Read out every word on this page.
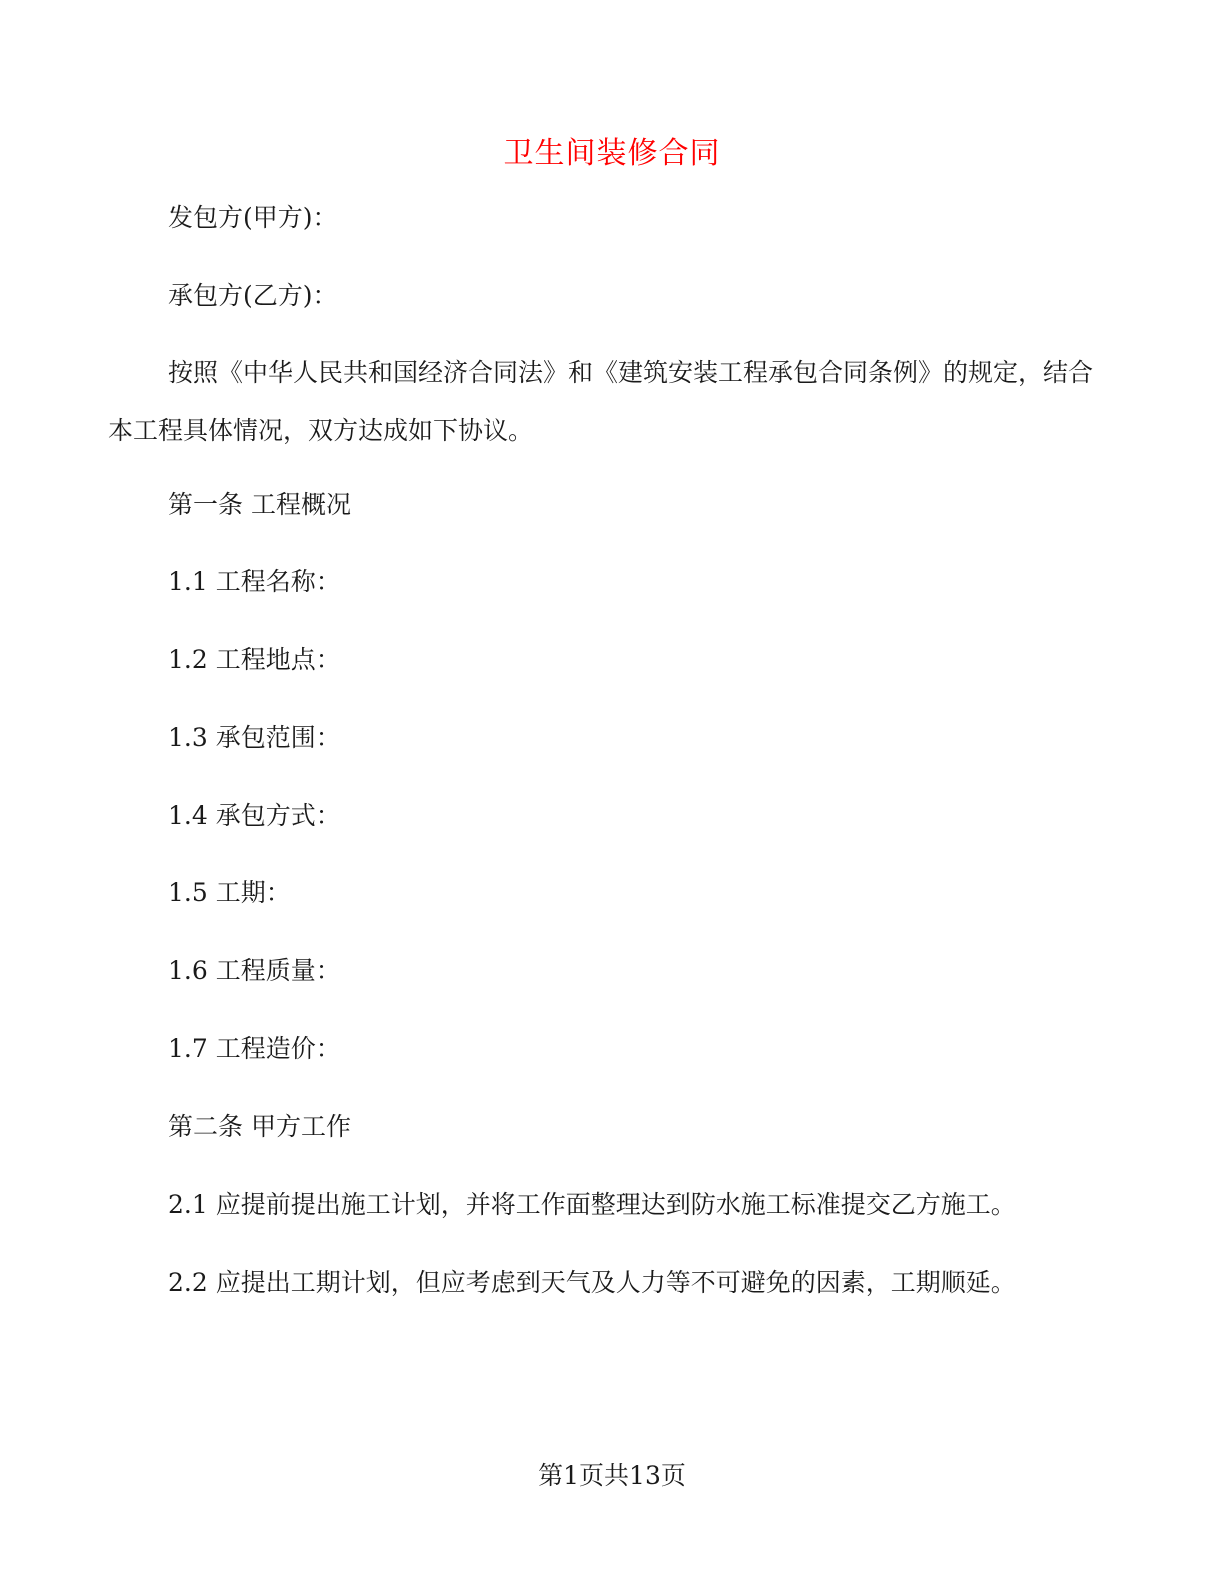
卫生间装修合同
发包方(甲方)：
承包方(乙方)：
按照《中华人民共和国经济合同法》和《建筑安装工程承包合同条例》的规定，结合本工程具体情况，双方达成如下协议。
第一条 工程概况
1.1 工程名称：
1.2 工程地点：
1.3 承包范围：
1.4 承包方式：
1.5 工期：
1.6 工程质量：
1.7 工程造价：
第二条 甲方工作
2.1 应提前提出施工计划，并将工作面整理达到防水施工标准提交乙方施工。
2.2 应提出工期计划，但应考虑到天气及人力等不可避免的因素，工期顺延。
第1页共13页
